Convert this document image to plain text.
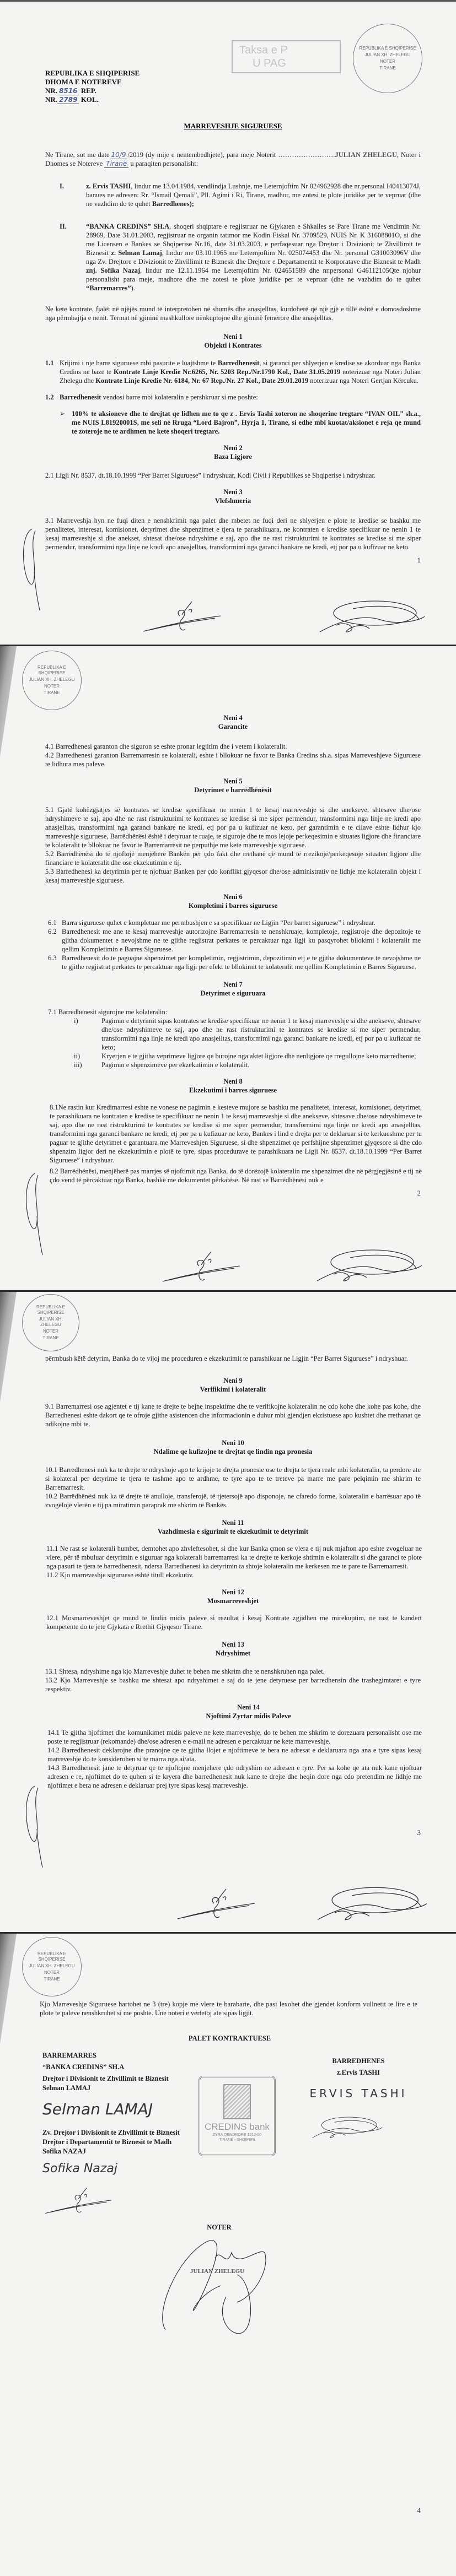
REPUBLIKA E SHQIPERISE
JULIAN XH. ZHELEGU
NOTER
TIRANE
Taksa e P
U PAG
REPUBLIKA E SHQIPERISE
DHOMA E NOTEREVE
NR. 8516 REP.
NR. 2789 KOL.
MARREVESHJE SIGURUESE
Ne Tirane, sot me date 10/9 /2019 (dy mije e nentembedhjete), para meje Noterit …………………….JULIAN ZHELEGU, Noter i Dhomes se Notereve Tiranë u paraqiten personalisht:
I.	z. Ervis TASHI, lindur me 13.04.1984, vendlindja Lushnje, me Leternjoftim Nr 024962928 dhe nr.personal I40413074J, banues ne adresen: Rr. “Ismail Qemali”, Pll. Agimi i Ri, Tirane, madhor, me zotesi te plote juridike per te vepruar (dhe ne vazhdim do te quhet Barredhenes);
II.	“BANKA CREDINS” SH.A, shoqeri shqiptare e regjistruar ne Gjykaten e Shkalles se Pare Tirane me Vendimin Nr. 28969, Date 31.01.2003, regjistruar ne organin tatimor me Kodin Fiskal Nr. 3709529, NUIS Nr. K 31608801O, si dhe me Licensen e Bankes se Shqiperise Nr.16, date 31.03.2003, e perfaqesuar nga Drejtor i Divizionit te Zhvillimit te Biznesit z. Selman Lamaj, lindur me 03.10.1965 me Leternjoftim Nr. 025074453 dhe Nr. personal G31003096V dhe nga Zv. Drejtore e Divizionit te Zhvillimit te Biznesit dhe Drejtore e Departamentit te Korporatave dhe Biznesit te Madh znj. Sofika Nazaj, lindur me 12.11.1964 me Leternjoftim Nr. 024651589 dhe nr.personal G46112105Qte njohur personalisht para meje, madhore dhe me zotesi te plote juridike per te vepruar (dhe ne vazhdim do te quhet “Barremarres”).
Ne kete kontrate, fjalët në njëjës mund të interpretohen në shumës dhe anasjelltas, kurdoherë që një gjë e tillë është e domosdoshme nga përmbajtja e nenit. Termat në gjininë mashkullore nënkuptojnë dhe gjininë femërore dhe anasjelltas.
Neni 1
Objekti i Kontrates
1.1 Krijimi i nje barre siguruese mbi pasurite e luajtshme te Barredhenesit, si garanci per shlyerjen e kredise se akorduar nga Banka Credins ne baze te Kontrate Linje Kredie Nr.6265, Nr. 5203 Rep./Nr.1790 Kol., Date 31.05.2019 noterizuar nga Noteri Julian Zhelegu dhe Kontrate Linje Kredie Nr. 6184, Nr. 67 Rep./Nr. 27 Kol., Date 29.01.2019 noterizuar nga Noteri Gertjan Kërcuku.
1.2 Barredhenesit vendosi barre mbi kolateralin e pershkruar si me poshte:
➢ 100% te aksioneve dhe te drejtat qe lidhen me to qe z . Ervis Tashi zoteron ne shoqerine tregtare “IVAN OIL” sh.a., me NUIS L81920001S, me seli ne Rruga “Lord Bajron”, Hyrja 1, Tirane, si edhe mbi kuotat/aksionet e reja qe mund te zoteroje ne te ardhmen ne kete shoqeri tregtare.
Neni 2
Baza Ligjore
2.1 Ligji Nr. 8537, dt.18.10.1999 “Per Barret Siguruese” i ndryshuar, Kodi Civil i Republikes se Shqiperise i ndryshuar.
Neni 3
Vlefshmeria
3.1 Marreveshja hyn ne fuqi diten e nenshkrimit nga palet dhe mbetet ne fuqi deri ne shlyerjen e plote te kredise se bashku me penalitetet, interesat, komisionet, detyrimet dhe shpenzimet e tjera te parashikuara, ne kontraten e kredise specifikuar ne nenin 1 te kesaj marreveshje si dhe anekset, shtesat dhe/ose ndryshime e saj, apo dhe ne rast ristrukturimi te kontrates se kredise si me siper permendur, transformimi nga linje ne kredi apo anasjelltas, transformimi nga garanci bankare ne kredi, etj por pa u kufizuar ne keto.
1
REPUBLIKA E SHQIPERISE
JULIAN XH. ZHELEGU
NOTER
TIRANE
Neni 4
Garancite
4.1 Barredhenesi garanton dhe siguron se eshte pronar legjitim dhe i vetem i kolateralit.
4.2 Barredhenesi garanton Barremarresin se kolaterali, eshte i bllokuar ne favor te Banka Credins sh.a. sipas Marreveshjeve Siguruese te lidhura mes paleve.
Neni 5
Detyrimet e barrëdhënësit
5.1 Gjatë kohëzgjatjes së kontrates se kredise specifikuar ne nenin 1 te kesaj marreveshje si dhe anekseve, shtesave dhe/ose ndryshimeve te saj, apo dhe ne rast ristrukturimi te kontrates se kredise si me siper permendur, transformimi nga linje ne kredi apo anasjelltas, transformimi nga garanci bankare ne kredi, etj por pa u kufizuar ne keto, per garantimin e te cilave eshte lidhur kjo marreveshje siguruese, Barrëdhënësi është i detyruar te ruaje, te siguroje dhe te mos lejoje perkeqesimin e situates ligjore dhe financiare te kolateralit te bllokuar ne favor te Barremarresit ne perputhje me kete marreveshje siguruese.
5.2 Barrëdhënësi do të njoftojë menjëherë Bankën për çdo fakt dhe rrethanë që mund të rrezikojë/perkeqesoje situaten ligjore dhe financiare te kolateralit dhe ose ekzekutimin e tij.
5.3 Barredhenesi ka detyrimin per te njoftuar Banken per çdo konflikt gjyqesor dhe/ose administrativ ne lidhje me kolateralin objekt i kesaj marreveshje siguruese.
Neni 6
Kompletimi i barres siguruese
6.1 Barra siguruese quhet e kompletuar me permbushjen e sa specifikuar ne Ligjin “Per barret siguruese” i ndryshuar.
6.2 Barredhenesit me ane te kesaj marreveshje autorizojne Barremarresin te nenshkruaje, kompletoje, regjistroje dhe depozitoje te gjitha dokumentet e nevojshme ne te gjithe regjistrat perkates te percaktuar nga ligji ku pasqyrohet bllokimi i kolateralit me qellim Kompletimin e Barres Siguruese.
6.3 Barredhenesit do te paguajne shpenzimet per kompletimin, regjistrimin, depozitimin etj e te gjitha dokumenteve te nevojshme ne te gjithe regjistrat perkates te percaktuar nga ligji per efekt te bllokimit te kolateralit me qellim Kompletimin e Barres Siguruese.
Neni 7
Detyrimet e siguruara
7.1 Barredhenesit sigurojne me kolateralin:
i)	Pagimin e detyrimit sipas kontrates se kredise specifikuar ne nenin 1 te kesaj marreveshje si dhe anekseve, shtesave dhe/ose ndryshimeve te saj, apo dhe ne rast ristrukturimi te kontrates se kredise si me siper permendur, transformimi nga linje ne kredi apo anasjelltas, transformimi nga garanci bankare ne kredi, etj por pa u kufizuar ne keto;
ii)	Kryerjen e te gjitha veprimeve ligjore qe burojne nga aktet ligjore dhe nenligjore qe rregullojne keto marredhenie;
iii)	Pagimin e shpenzimeve per ekzekutimin e kolateralit.
Neni 8
Ekzekutimi i barres siguruese
8.1Ne rastin kur Kredimarresi eshte ne vonese ne pagimin e kesteve mujore se bashku me penalitetet, interesat, komisionet, detyrimet, te parashikuara ne kontraten e kredise te specifikuar ne nenin 1 te kesaj marreveshje si dhe anekseve, shtesave dhe/ose ndryshimeve te saj, apo dhe ne rast ristrukturimi te kontrates se kredise si me siper permendur, transformimi nga linje ne kredi apo anasjelltas, transformimi nga garanci bankare ne kredi, etj por pa u kufizuar ne keto, Bankes i lind e drejta per te deklaruar si te kerkueshme per tu paguar te gjithe detyrimet e garantuara me Marreveshjen Siguruese, si dhe shpenzimet qe perfshijne shpenzimet gjyqesore si dhe cdo shpenzim ligjor deri ne ekzekutimin e plotë te tyre, sipas procedurave te parashikuara ne Ligji Nr. 8537, dt.18.10.1999 “Per Barret Siguruese” i ndryshuar.
8.2 Barrëdhënësi, menjëherë pas marrjes së njoftimit nga Banka, do të dorëzojë kolateralin me shpenzimet dhe në përgjegjësinë e tij në çdo vend të përcaktuar nga Banka, bashkë me dokumentet përkatëse. Në rast se Barrëdhënësi nuk e
2
REPUBLIKA E SHQIPERISE
JULIAN XH. ZHELEGU
NOTER
TIRANE
përmbush këtë detyrim, Banka do te vijoj me proceduren e ekzekutimit te parashikuar ne Ligjin “Per Barret Siguruese” i ndryshuar.
Neni 9
Verifikimi i kolateralit
9.1 Barremarresi ose agjentet e tij kane te drejte te bejne inspektime dhe te verifikojne kolateralin ne cdo kohe dhe kohe pas kohe, dhe Barredhenesi eshte dakort qe te ofroje gjithe asistencen dhe informacionin e duhur mbi gjendjen ekzistuese apo kushtet dhe rrethanat qe ndikojne mbi te.
Neni 10
Ndalime qe kufizojne te drejtat qe lindin nga pronesia
10.1 Barredhenesi nuk ka te drejte te ndryshoje apo te krijoje te drejta pronesie ose te drejta te tjera reale mbi kolateralin, ta perdore ate si kolateral per detyrime te tjera te tashme apo te ardhme, te tyre apo te te treteve pa marre me pare pelqimin me shkrim te Barremarresit.
10.2 Barrëdhënësi nuk ka të drejte të anulloje, transferojë, të tjetersojë apo disponoje, ne cfaredo forme, kolateralin e barrësuar apo të zvogëlojë vlerën e tij pa miratimin paraprak me shkrim të Bankës.
Neni 11
Vazhdimesia e sigurimit te ekzekutimit te detyrimit
11.1 Ne rast se kolaterali humbet, demtohet apo zhvleftesohet, si dhe kur Banka çmon se vlera e tij nuk mjafton apo eshte zvogeluar ne vlere, për të mbuluar detyrimin e siguruar nga kolaterali barremarresi ka te drejte te kerkoje shtimin e kolateralit si dhe garanci te plote nga pasuri te tjera te barredhenesit, ndersa Barredhenesi ka detyrimin ta shtoje kolateralin me kerkesen me te pare te Barremarresit.
11.2 Kjo marreveshje siguruese është titull ekzekutiv.
Neni 12
Mosmarreveshjet
12.1 Mosmarreveshjet qe mund te lindin midis paleve si rezultat i kesaj Kontrate zgjidhen me mirekuptim, ne rast te kundert kompetente do te jete Gjykata e Rrethit Gjyqesor Tirane.
Neni 13
Ndryshimet
13.1 Shtesa, ndryshime nga kjo Marreveshje duhet te behen me shkrim dhe te nenshkruhen nga palet.
13.2 Kjo Marreveshje se bashku me shtesat apo ndryshimet e saj do te jene detyruese per barredhensin dhe trashegimtaret e tyre respektiv.
Neni 14
Njoftimi Zyrtar midis Paleve
14.1 Te gjitha njoftimet dhe komunikimet midis paleve ne kete marreveshje, do te behen me shkrim te dorezuara personalisht ose me poste te regjistruar (rekomande) dhe/ose adresen e e-mail ne adresen e percaktuar ne kete marreveshje.
14.2 Barredhenesit deklarojne dhe pranojne qe te gjitha llojet e njoftimeve te bera ne adresat e deklaruara nga ana e tyre sipas kesaj marreveshje do te konsiderohen si te marra nga ai/ata.
14.3 Barredhenesit jane te detyruar qe te njoftojne menjehere çdo ndryshim ne adresen e tyre. Per sa kohe qe ata nuk kane njoftuar adresen e re, njoftimet do te quhen si te kryera dhe barredhenesit nuk kane te drejte dhe heqin dore nga cdo pretendim ne lidhje me njoftimet e bera ne adresen e deklaruar prej tyre sipas kesaj marreveshje.
3
REPUBLIKA E SHQIPERISE
JULIAN XH. ZHELEGU
NOTER
TIRANE
Kjo Marreveshje Siguruese hartohet ne 3 (tre) kopje me vlere te barabarte, dhe pasi lexohet dhe gjendet konform vullnetit te lire e te plote te paleve nenshkruhet si me poshte. Une noteri e vertetoj ate sipas ligjit.
PALET KONTRAKTUESE
BARREMARRES
“BANKA CREDINS” SH.A
Drejtor i Divisionit te Zhvillimit te Biznesit
Selman LAMAJ
Selman LAMAJ
Zv. Drejtor i Divisionit te Zhvillimit te Biznesit
Drejtor i Departamentit te Biznesit te Madh
Sofika NAZAJ
Sofika Nazaj
CREDINS bank
ZYRA QENDRORE 1212-00
TIRANË - SHQIPERI
BARREDHENES
z.Ervis TASHI
ERVIS TASHI
NOTER
JULIAN ZHELEGU
4
